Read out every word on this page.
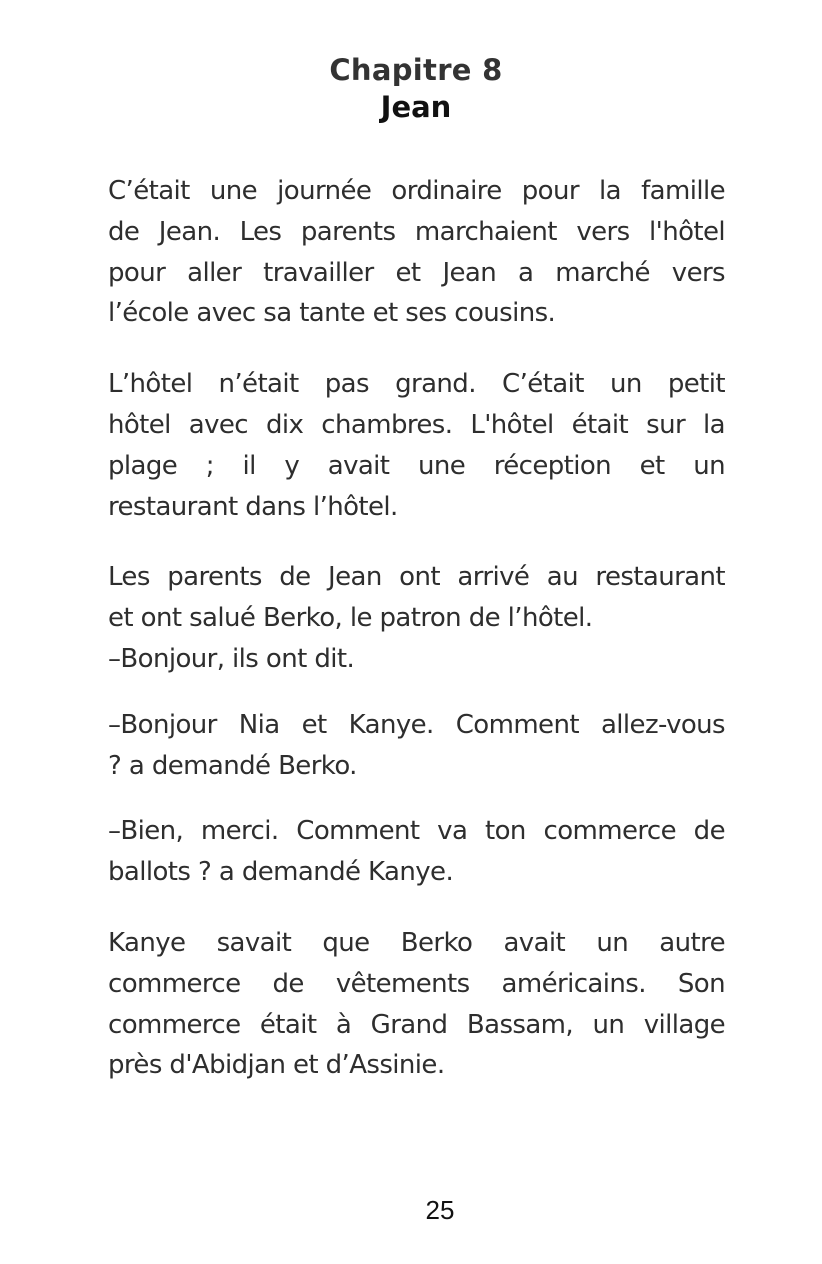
Chapitre 8
Jean

C’était une journée ordinaire pour la famille
de Jean. Les parents marchaient vers l'hôtel
pour aller travailler et Jean a marché vers
l’école avec sa tante et ses cousins.

L’hôtel n’était pas grand. C’était un petit
hôtel avec dix chambres. L'hôtel était sur la
plage ; il y avait une réception et un
restaurant dans l’hôtel.

Les parents de Jean ont arrivé au restaurant
et ont salué Berko, le patron de l’hôtel.
–Bonjour, ils ont dit.

–Bonjour Nia et Kanye. Comment allez-vous
? a demandé Berko.

–Bien, merci. Comment va ton commerce de
ballots ? a demandé Kanye.

Kanye savait que Berko avait un autre
commerce de vêtements américains. Son
commerce était à Grand Bassam, un village
près d'Abidjan et d’Assinie.

25
